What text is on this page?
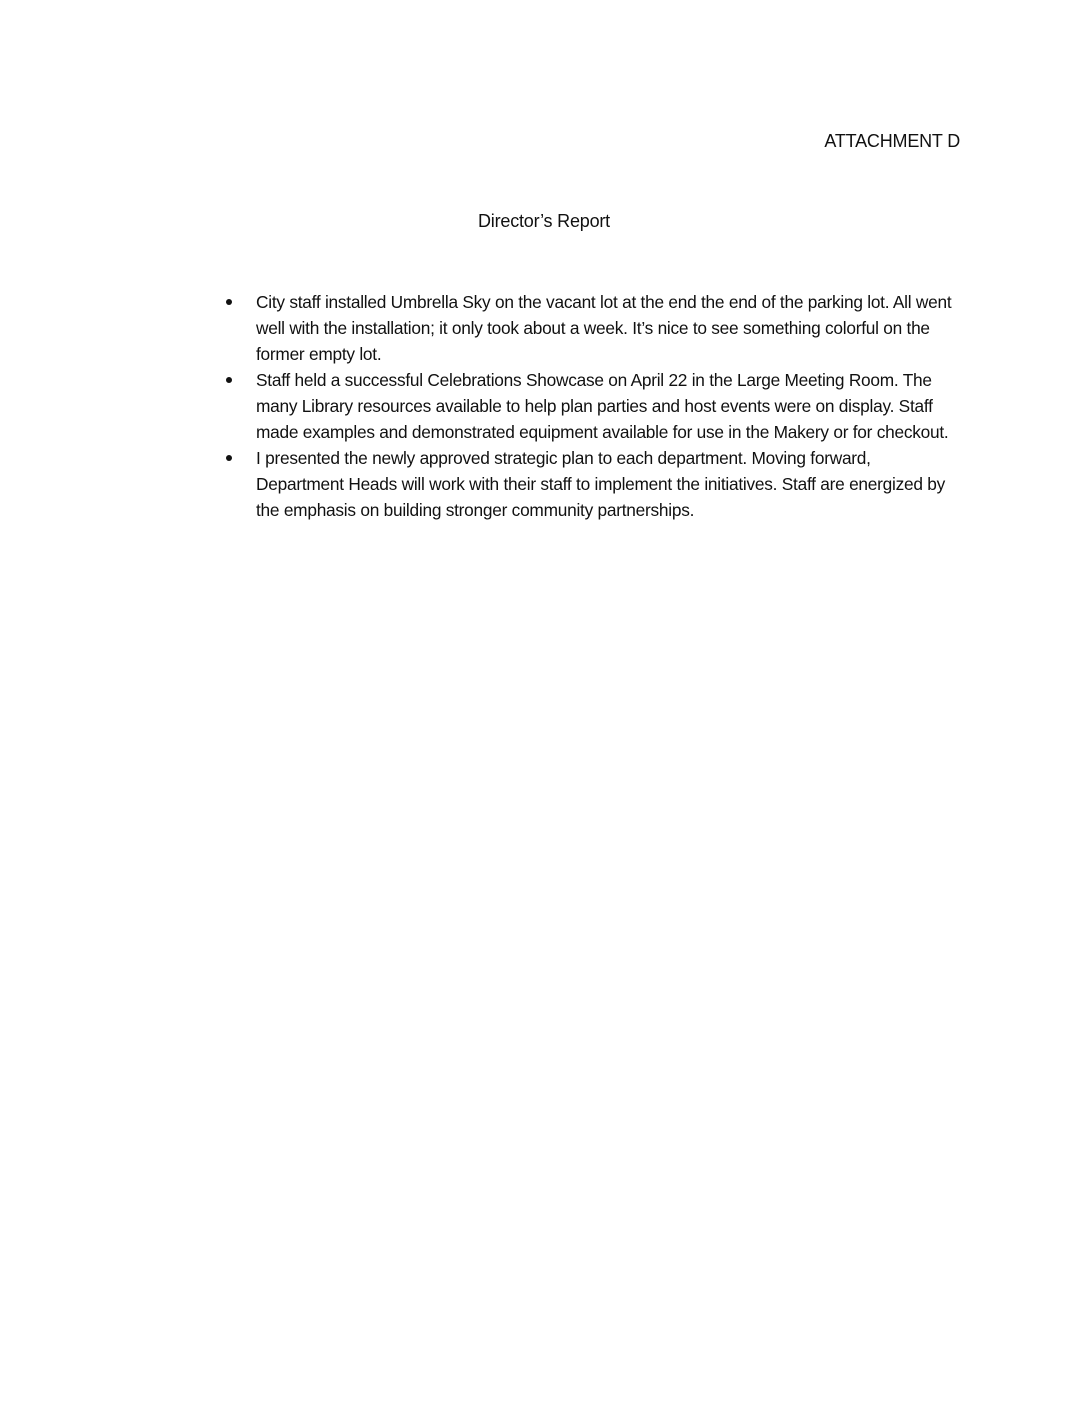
ATTACHMENT D
Director’s Report
City staff installed Umbrella Sky on the vacant lot at the end the end of the parking lot. All went well with the installation; it only took about a week. It’s nice to see something colorful on the former empty lot.
Staff held a successful Celebrations Showcase on April 22 in the Large Meeting Room. The many Library resources available to help plan parties and host events were on display. Staff made examples and demonstrated equipment available for use in the Makery or for checkout.
I presented the newly approved strategic plan to each department. Moving forward, Department Heads will work with their staff to implement the initiatives. Staff are energized by the emphasis on building stronger community partnerships.
